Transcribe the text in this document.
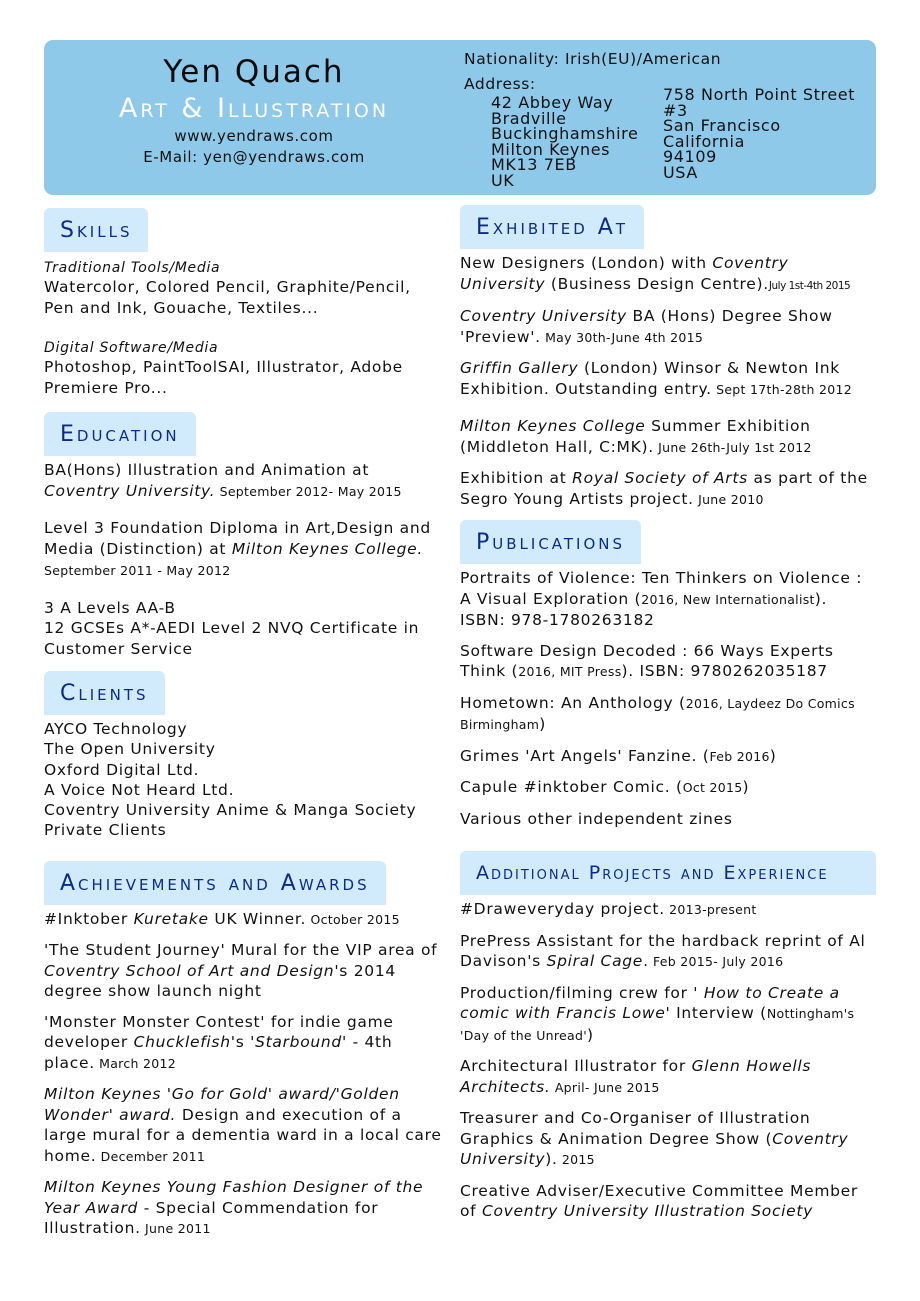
Yen Quach
Art & Illustration
www.yendraws.com
E-Mail: yen@yendraws.com
Nationality: Irish(EU)/American
Address:
42 Abbey Way
Bradville
Buckinghamshire
Milton Keynes
MK13 7EB
UK
758 North Point Street
#3
San Francisco
California
94109
USA
Skills
Traditional Tools/Media
Watercolor, Colored Pencil, Graphite/Pencil, Pen and Ink, Gouache, Textiles...
Digital Software/Media
Photoshop, PaintToolSAI, Illustrator, Adobe Premiere Pro...
Education
BA(Hons) Illustration and Animation at Coventry University. September 2012- May 2015
Level 3 Foundation Diploma in Art,Design and Media (Distinction) at Milton Keynes College. September 2011 - May 2012
3 A Levels AA-B
12 GCSEs A*-AEDI Level 2 NVQ Certificate in Customer Service
Clients
AYCO Technology
The Open University
Oxford Digital Ltd.
A Voice Not Heard Ltd.
Coventry University Anime & Manga Society
Private Clients
Achievements and Awards
#Inktober Kuretake UK Winner. October 2015
'The Student Journey' Mural for the VIP area of Coventry School of Art and Design's 2014 degree show launch night
'Monster Monster Contest' for indie game developer Chucklefish's 'Starbound' - 4th place. March 2012
Milton Keynes 'Go for Gold' award/'Golden Wonder' award. Design and execution of a large mural for a dementia ward in a local care home. December 2011
Milton Keynes Young Fashion Designer of the Year Award - Special Commendation for Illustration. June 2011
Exhibited At
New Designers (London) with Coventry University (Business Design Centre).July 1st-4th 2015
Coventry University BA (Hons) Degree Show 'Preview'. May 30th-June 4th 2015
Griffin Gallery (London) Winsor & Newton Ink Exhibition. Outstanding entry. Sept 17th-28th 2012
Milton Keynes College Summer Exhibition (Middleton Hall, C:MK). June 26th-July 1st 2012
Exhibition at Royal Society of Arts as part of the Segro Young Artists project. June 2010
Publications
Portraits of Violence: Ten Thinkers on Violence : A Visual Exploration (2016, New Internationalist). ISBN: 978-1780263182
Software Design Decoded : 66 Ways Experts Think (2016, MIT Press). ISBN: 9780262035187
Hometown: An Anthology (2016, Laydeez Do Comics Birmingham)
Grimes 'Art Angels' Fanzine. (Feb 2016)
Capule #inktober Comic. (Oct 2015)
Various other independent zines
Additional Projects and Experience
#Draweveryday project. 2013-present
PrePress Assistant for the hardback reprint of Al Davison's Spiral Cage. Feb 2015- July 2016
Production/filming crew for ' How to Create a comic with Francis Lowe' Interview (Nottingham's 'Day of the Unread')
Architectural Illustrator for Glenn Howells Architects. April- June 2015
Treasurer and Co-Organiser of Illustration Graphics & Animation Degree Show (Coventry University). 2015
Creative Adviser/Executive Committee Member of Coventry University Illustration Society
